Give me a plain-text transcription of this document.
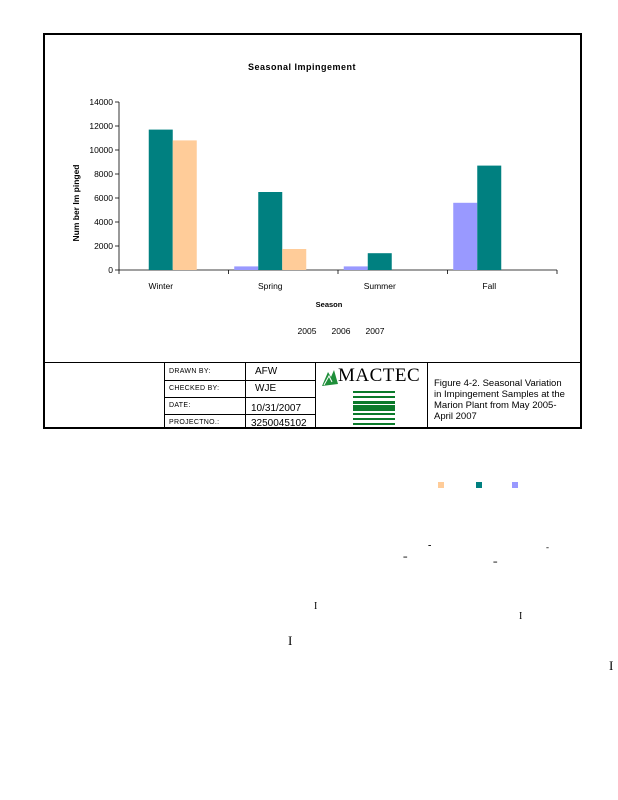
Seasonal Impingement
0
2000
4000
6000
8000
10000
12000
14000
Winter	Spring	Summer	Fall
Num ber Im pinged
Season
2005 2006 2007
DRAWN BY:	AFW
CHECKED BY:	WJE
DATE:	10/31/2007
PROJECTNO.:	3250045102
MACTEC Figure 4-2. Seasonal Variation
in Impingement Samples at the
Marion Plant from May 2005-
April 2007
I
I
I
I
=
=
-	-
